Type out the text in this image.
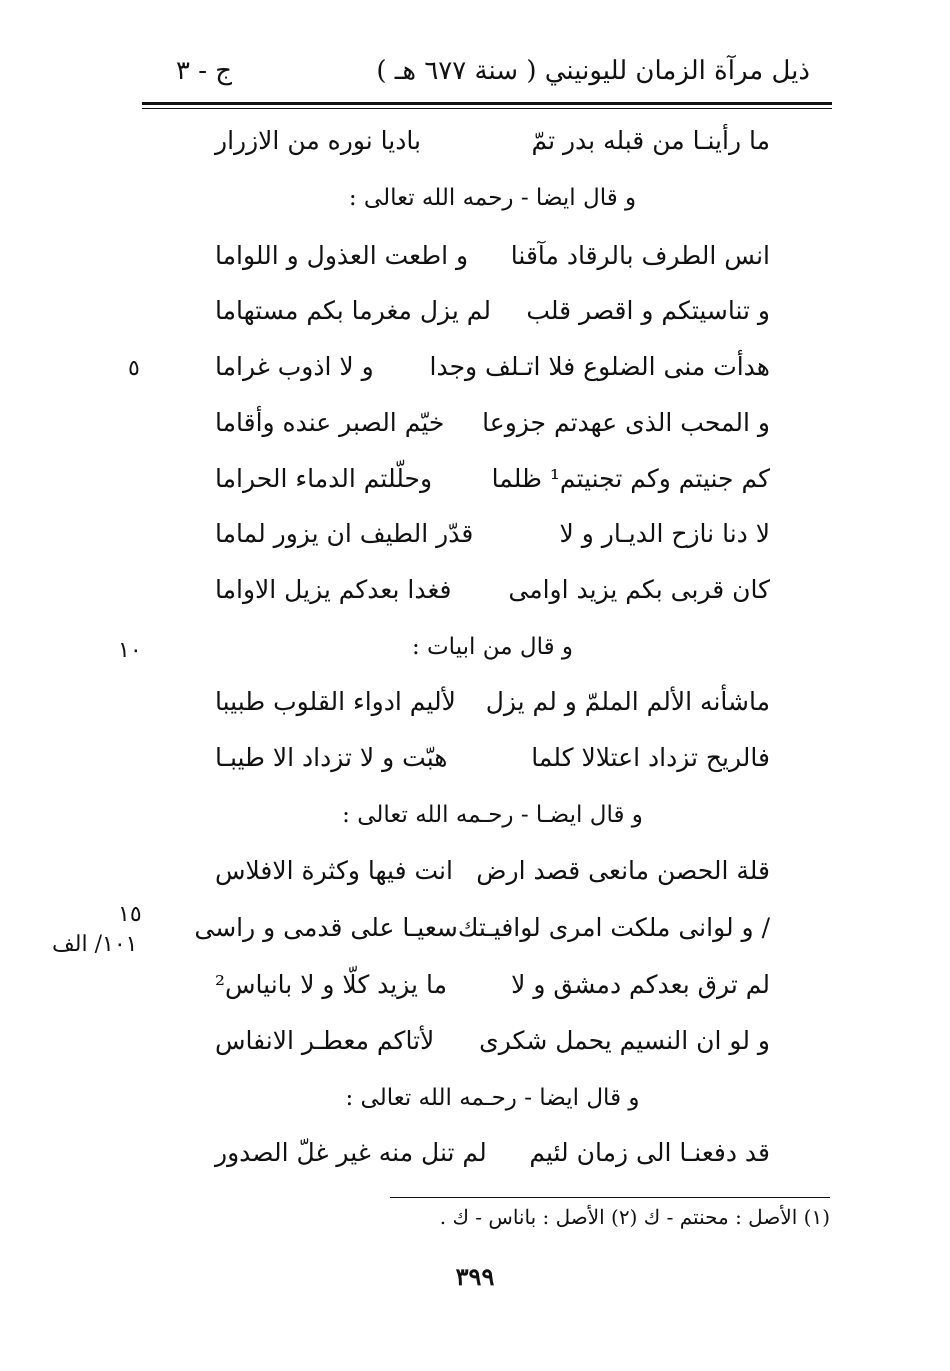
ذيل مرآة الزمان لليونيني ( سنة ٦٧٧ هـ )
ج - ٣
ما رأينـا من قبله بدر تمّ
باديا نوره من الازرار
و قال ايضا - رحمه الله تعالى :
انس الطرف بالرقاد مآقنا
و اطعت العذول و اللواما
و تناسيتكم و اقصر قلب
لم يزل مغرما بكم مستهاما
هدأت منى الضلوع فلا اتـلف وجدا
و لا اذوب غراما
و المحب الذى عهدتم جزوعا
خيّم الصبر عنده وأقاما
كم جنيتم وكم تجنيتم¹ ظلما
وحلّلتم الدماء الحراما
لا دنا نازح الديـار و لا
قدّر الطيف ان يزور لماما
كان قربى بكم يزيد اوامى
فغدا بعدكم يزيل الاواما
و قال من ابيات :
ماشأنه الألم الملمّ و لم يزل
لأليم ادواء القلوب طبيبا
فالريح تزداد اعتلالا كلما
هبّت و لا تزداد الا طيبـا
و قال ايضـا - رحـمه الله تعالى :
قلة الحصن مانعى قصد ارض
انت فيها وكثرة الافلاس
/ و لوانى ملكت امرى لوافيـتك
سعيـا على قدمى و راسى
لم ترق بعدكم دمشق و لا
ما يزيد كلّا و لا بانياس²
و لو ان النسيم يحمل شكرى
لأتاكم معطـر الانفاس
و قال ايضا - رحـمه الله تعالى :
قد دفعنـا الى زمان لئيم
لم تنل منه غير غلّ الصدور
٥
١٠
١٥
١٠١/ الف
(١) الأصل : محنتم - ك (٢) الأصل : باناس - ك .
٣٩٩
